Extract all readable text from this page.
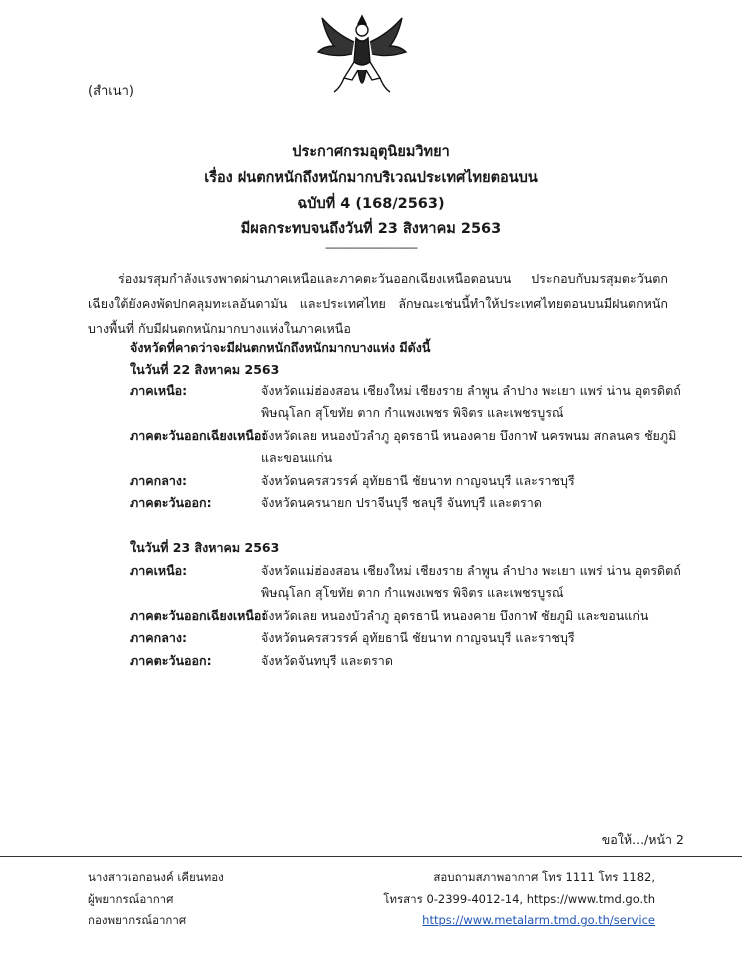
(สำเนา)
ประกาศกรมอุตุนิยมวิทยา
เรื่อง ฝนตกหนักถึงหนักมากบริเวณประเทศไทยตอนบน
ฉบับที่ 4 (168/2563)
มีผลกระทบจนถึงวันที่ 23 สิงหาคม 2563
-------------------------------
ร่องมรสุมกำลังแรงพาดผ่านภาคเหนือและภาคตะวันออกเฉียงเหนือตอนบน ประกอบกับมรสุมตะวันตกเฉียงใต้ยังคงพัดปกคลุมทะเลอันดามัน และประเทศไทย ลักษณะเช่นนี้ทำให้ประเทศไทยตอนบนมีฝนตกหนักบางพื้นที่ กับมีฝนตกหนักมากบางแห่งในภาคเหนือ
จังหวัดที่คาดว่าจะมีฝนตกหนักถึงหนักมากบางแห่ง มีดังนี้
ในวันที่ 22 สิงหาคม 2563
ภาคเหนือ:	จังหวัดแม่ฮ่องสอน เชียงใหม่ เชียงราย ลำพูน ลำปาง พะเยา แพร่ น่าน อุตรดิตถ์
พิษณุโลก สุโขทัย ตาก กำแพงเพชร พิจิตร และเพชรบูรณ์
ภาคตะวันออกเฉียงเหนือ:
จังหวัดเลย หนองบัวลำภู อุดรธานี หนองคาย บึงกาฬ นครพนม สกลนคร ชัยภูมิ
และขอนแก่น
ภาคกลาง:	จังหวัดนครสวรรค์ อุทัยธานี ชัยนาท กาญจนบุรี และราชบุรี
ภาคตะวันออก:	จังหวัดนครนายก ปราจีนบุรี ชลบุรี จันทบุรี และตราด
ในวันที่ 23 สิงหาคม 2563
ภาคเหนือ:	จังหวัดแม่ฮ่องสอน เชียงใหม่ เชียงราย ลำพูน ลำปาง พะเยา แพร่ น่าน อุตรดิตถ์
พิษณุโลก สุโขทัย ตาก กำแพงเพชร พิจิตร และเพชรบูรณ์
ภาคตะวันออกเฉียงเหนือ:
จังหวัดเลย หนองบัวลำภู อุดรธานี หนองคาย บึงกาฬ ชัยภูมิ และขอนแก่น
ภาคกลาง:	จังหวัดนครสวรรค์ อุทัยธานี ชัยนาท กาญจนบุรี และราชบุรี
ภาคตะวันออก:	จังหวัดจันทบุรี และตราด
ขอให้.../หน้า 2
นางสาวเอกอนงค์ เคียนทอง
ผู้พยากรณ์อากาศ
กองพยากรณ์อากาศ
สอบถามสภาพอากาศ โทร 1111 โทร 1182,
โทรสาร 0-2399-4012-14, https://www.tmd.go.th
https://www.metalarm.tmd.go.th/service
